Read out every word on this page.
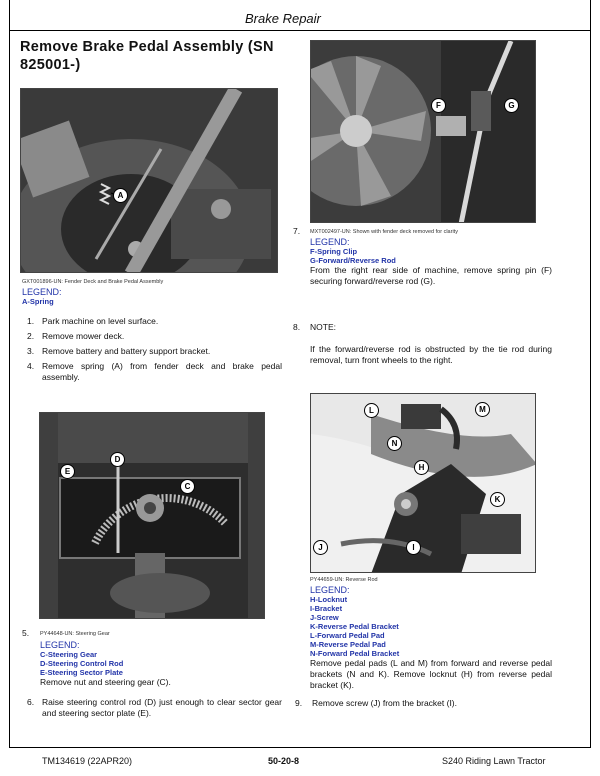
Brake Repair
Remove Brake Pedal Assembly (SN 825001-)
A
GXT001896-UN: Fender Deck and Brake Pedal Assembly
LEGEND:
A-Spring
1. Park machine on level surface.
2. Remove mower deck.
3. Remove battery and battery support bracket.
4. Remove spring (A) from fender deck and brake pedal assembly.
D
E
C
5. PY44648-UN: Steering Gear
LEGEND:
C-Steering Gear
D-Steering Control Rod
E-Steering Sector Plate
Remove nut and steering gear (C).
6. Raise steering control rod (D) just enough to clear sector gear and steering sector plate (E).
F	G
7. MXT002497-UN: Shown with fender deck removed for clarity
LEGEND:
F-Spring Clip
G-Forward/Reverse Rod
From the right rear side of machine, remove spring pin (F) securing forward/reverse rod (G).
8. NOTE:
If the forward/reverse rod is obstructed by the tie rod during removal, turn front wheels to the right.
L	M
N
H
K
J	I
PY44659-UN: Reverse Rod
LEGEND:
H-Locknut
I-Bracket
J-Screw
K-Reverse Pedal Bracket
L-Forward Pedal Pad
M-Reverse Pedal Pad
N-Forward Pedal Bracket
Remove pedal pads (L and M) from forward and reverse pedal brackets (N and K). Remove locknut (H) from reverse pedal bracket (K).
9. Remove screw (J) from the bracket (I).
TM134619 (22APR20)	50-20-8	S240 Riding Lawn Tractor
